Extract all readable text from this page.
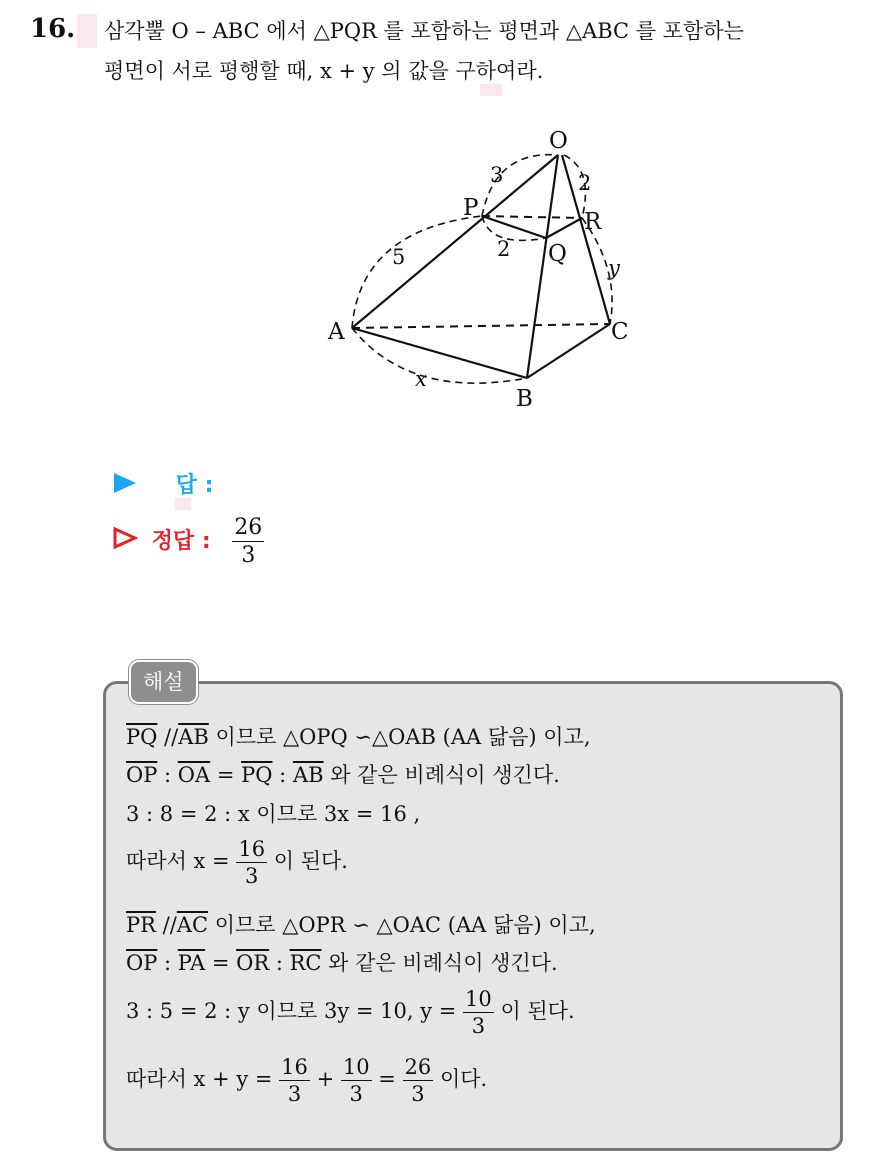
16. 삼각뿔 O – ABC 에서 △PQR 를 포함하는 평면과 △ABC 를 포함하는
평면이 서로 평행할 때, x + y 의 값을 구하여라.
O
P
R
Q
A
B
C
3	2
5	2
y
x
답 :
정답 : $\frac{26}{3}$
해설
$\overline{PQ}$ $//\overline{AB}$ 이므로 △OPQ ∽△OAB (AA 닮음) 이고,
$\overline{OP}$ : $\overline{OA} = \overline{PQ}$ : $\overline{AB}$ 와 같은 비례식이 생긴다.
3 : 8 = 2 : x 이므로 3x = 16 ,
따라서 $x = \frac{16}{3}$ 이 된다.
$\overline{PR}$ $//\overline{AC}$ 이므로 △OPR ∽ △OAC (AA 닮음) 이고,
$\overline{OP}$ : $\overline{PA} = \overline{OR}$ : $\overline{RC}$ 와 같은 비례식이 생긴다.
3 : 5 = 2 : y 이므로 3y = 10, $y = \frac{10}{3}$ 이 된다.
따라서 $x + y = \frac{16}{3} + \frac{10}{3} = \frac{26}{3}$ 이다.
